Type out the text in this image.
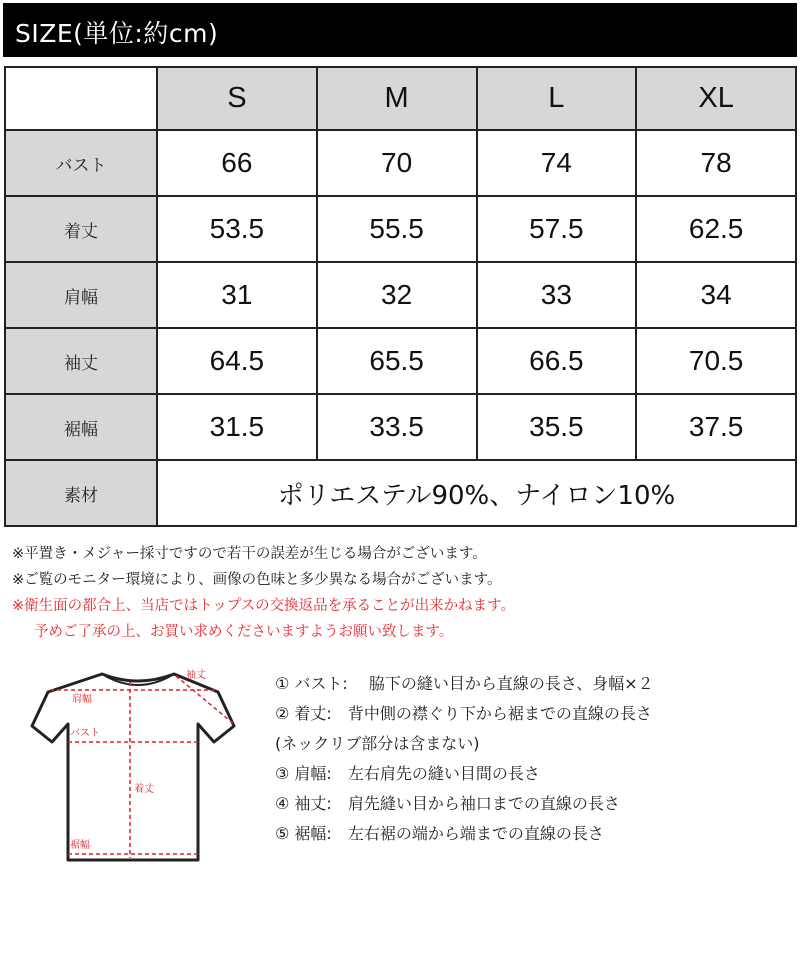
SIZE(単位:約cm)
	S	M	L	XL
バスト	66	70	74	78
着丈	53.5	55.5	57.5	62.5
肩幅	31	32	33	34
袖丈	64.5	65.5	66.5	70.5
裾幅	31.5	33.5	35.5	37.5
素材	ポリエステル90%、ナイロン10%			
※平置き・メジャー採寸ですので若干の誤差が生じる場合がございます。
※ご覧のモニター環境により、画像の色味と多少異なる場合がございます。
※衛生面の都合上、当店ではトップスの交換返品を承ることが出来かねます。
予めご了承の上、お買い求めくださいますようお願い致します。
肩幅
バスト
袖丈
着丈
裾幅
① バスト:　 脇下の縫い目から直線の長さ、身幅×２
② 着丈:　背中側の襟ぐり下から裾までの直線の長さ
(ネックリブ部分は含まない)
③ 肩幅:　左右肩先の縫い目間の長さ
④ 袖丈:　肩先縫い目から袖口までの直線の長さ
⑤ 裾幅:　左右裾の端から端までの直線の長さ
